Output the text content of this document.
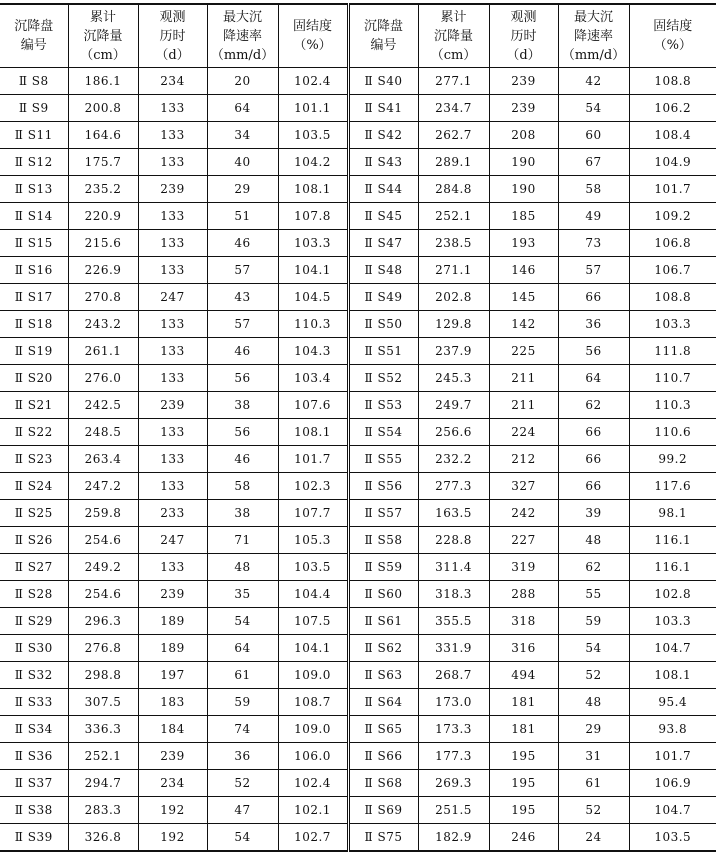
沉降盘
编号	累计
沉降量
（cm）	观测
历时
（d）	最大沉
降速率
（mm/d）	固结度
（%）	沉降盘
编号	累计
沉降量
（cm）	观测
历时
（d）	最大沉
降速率
（mm/d）	固结度
（%）

Ⅱ S8	186.1	234	20	102.4	Ⅱ S40	277.1	239	42	108.8
Ⅱ S9	200.8	133	64	101.1	Ⅱ S41	234.7	239	54	106.2
Ⅱ S11	164.6	133	34	103.5	Ⅱ S42	262.7	208	60	108.4
Ⅱ S12	175.7	133	40	104.2	Ⅱ S43	289.1	190	67	104.9
Ⅱ S13	235.2	239	29	108.1	Ⅱ S44	284.8	190	58	101.7
Ⅱ S14	220.9	133	51	107.8	Ⅱ S45	252.1	185	49	109.2
Ⅱ S15	215.6	133	46	103.3	Ⅱ S47	238.5	193	73	106.8
Ⅱ S16	226.9	133	57	104.1	Ⅱ S48	271.1	146	57	106.7
Ⅱ S17	270.8	247	43	104.5	Ⅱ S49	202.8	145	66	108.8
Ⅱ S18	243.2	133	57	110.3	Ⅱ S50	129.8	142	36	103.3
Ⅱ S19	261.1	133	46	104.3	Ⅱ S51	237.9	225	56	111.8
Ⅱ S20	276.0	133	56	103.4	Ⅱ S52	245.3	211	64	110.7
Ⅱ S21	242.5	239	38	107.6	Ⅱ S53	249.7	211	62	110.3
Ⅱ S22	248.5	133	56	108.1	Ⅱ S54	256.6	224	66	110.6
Ⅱ S23	263.4	133	46	101.7	Ⅱ S55	232.2	212	66	99.2
Ⅱ S24	247.2	133	58	102.3	Ⅱ S56	277.3	327	66	117.6
Ⅱ S25	259.8	233	38	107.7	Ⅱ S57	163.5	242	39	98.1
Ⅱ S26	254.6	247	71	105.3	Ⅱ S58	228.8	227	48	116.1
Ⅱ S27	249.2	133	48	103.5	Ⅱ S59	311.4	319	62	116.1
Ⅱ S28	254.6	239	35	104.4	Ⅱ S60	318.3	288	55	102.8
Ⅱ S29	296.3	189	54	107.5	Ⅱ S61	355.5	318	59	103.3
Ⅱ S30	276.8	189	64	104.1	Ⅱ S62	331.9	316	54	104.7
Ⅱ S32	298.8	197	61	109.0	Ⅱ S63	268.7	494	52	108.1
Ⅱ S33	307.5	183	59	108.7	Ⅱ S64	173.0	181	48	95.4
Ⅱ S34	336.3	184	74	109.0	Ⅱ S65	173.3	181	29	93.8
Ⅱ S36	252.1	239	36	106.0	Ⅱ S66	177.3	195	31	101.7
Ⅱ S37	294.7	234	52	102.4	Ⅱ S68	269.3	195	61	106.9
Ⅱ S38	283.3	192	47	102.1	Ⅱ S69	251.5	195	52	104.7
Ⅱ S39	326.8	192	54	102.7	Ⅱ S75	182.9	246	24	103.5
